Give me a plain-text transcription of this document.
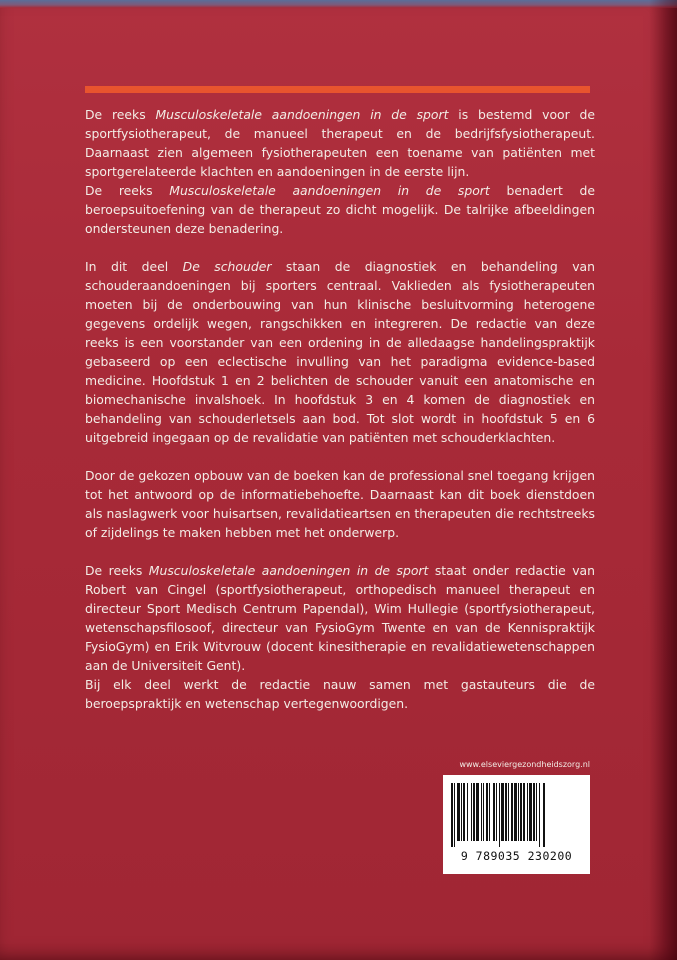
De reeks Musculoskeletale aandoeningen in de sport is bestemd voor de sportfysiotherapeut, de manueel therapeut en de bedrijfsfysiotherapeut. Daarnaast zien algemeen fysiotherapeuten een toename van patiënten met sportgerelateerde klachten en aandoeningen in de eerste lijn.

De reeks Musculoskeletale aandoeningen in de sport benadert de beroepsuitoefening van de therapeut zo dicht mogelijk. De talrijke afbeeldingen ondersteunen deze benadering.

In dit deel De schouder staan de diagnostiek en behandeling van schouderaandoeningen bij sporters centraal. Vaklieden als fysiotherapeuten moeten bij de onderbouwing van hun klinische besluitvorming heterogene gegevens ordelijk wegen, rangschikken en integreren. De redactie van deze reeks is een voorstander van een ordening in de alledaagse handelingspraktijk gebaseerd op een eclectische invulling van het paradigma evidence-based medicine. Hoofdstuk 1 en 2 belichten de schouder vanuit een anatomische en biomechanische invalshoek. In hoofdstuk 3 en 4 komen de diagnostiek en behandeling van schouderletsels aan bod. Tot slot wordt in hoofdstuk 5 en 6 uitgebreid ingegaan op de revalidatie van patiënten met schouderklachten.

Door de gekozen opbouw van de boeken kan de professional snel toegang krijgen tot het antwoord op de informatiebehoefte. Daarnaast kan dit boek dienstdoen als naslagwerk voor huisartsen, revalidatieartsen en therapeuten die rechtstreeks of zijdelings te maken hebben met het onderwerp.

De reeks Musculoskeletale aandoeningen in de sport staat onder redactie van Robert van Cingel (sportfysiotherapeut, orthopedisch manueel therapeut en directeur Sport Medisch Centrum Papendal), Wim Hullegie (sportfysiotherapeut, wetenschapsfilosoof, directeur van FysioGym Twente en van de Kennispraktijk FysioGym) en Erik Witvrouw (docent kinesitherapie en revalidatiewetenschappen aan de Universiteit Gent).

Bij elk deel werkt de redactie nauw samen met gastauteurs die de beroepspraktijk en wetenschap vertegenwoordigen.

www.elseviergezondheidszorg.nl
9 789035 230200
